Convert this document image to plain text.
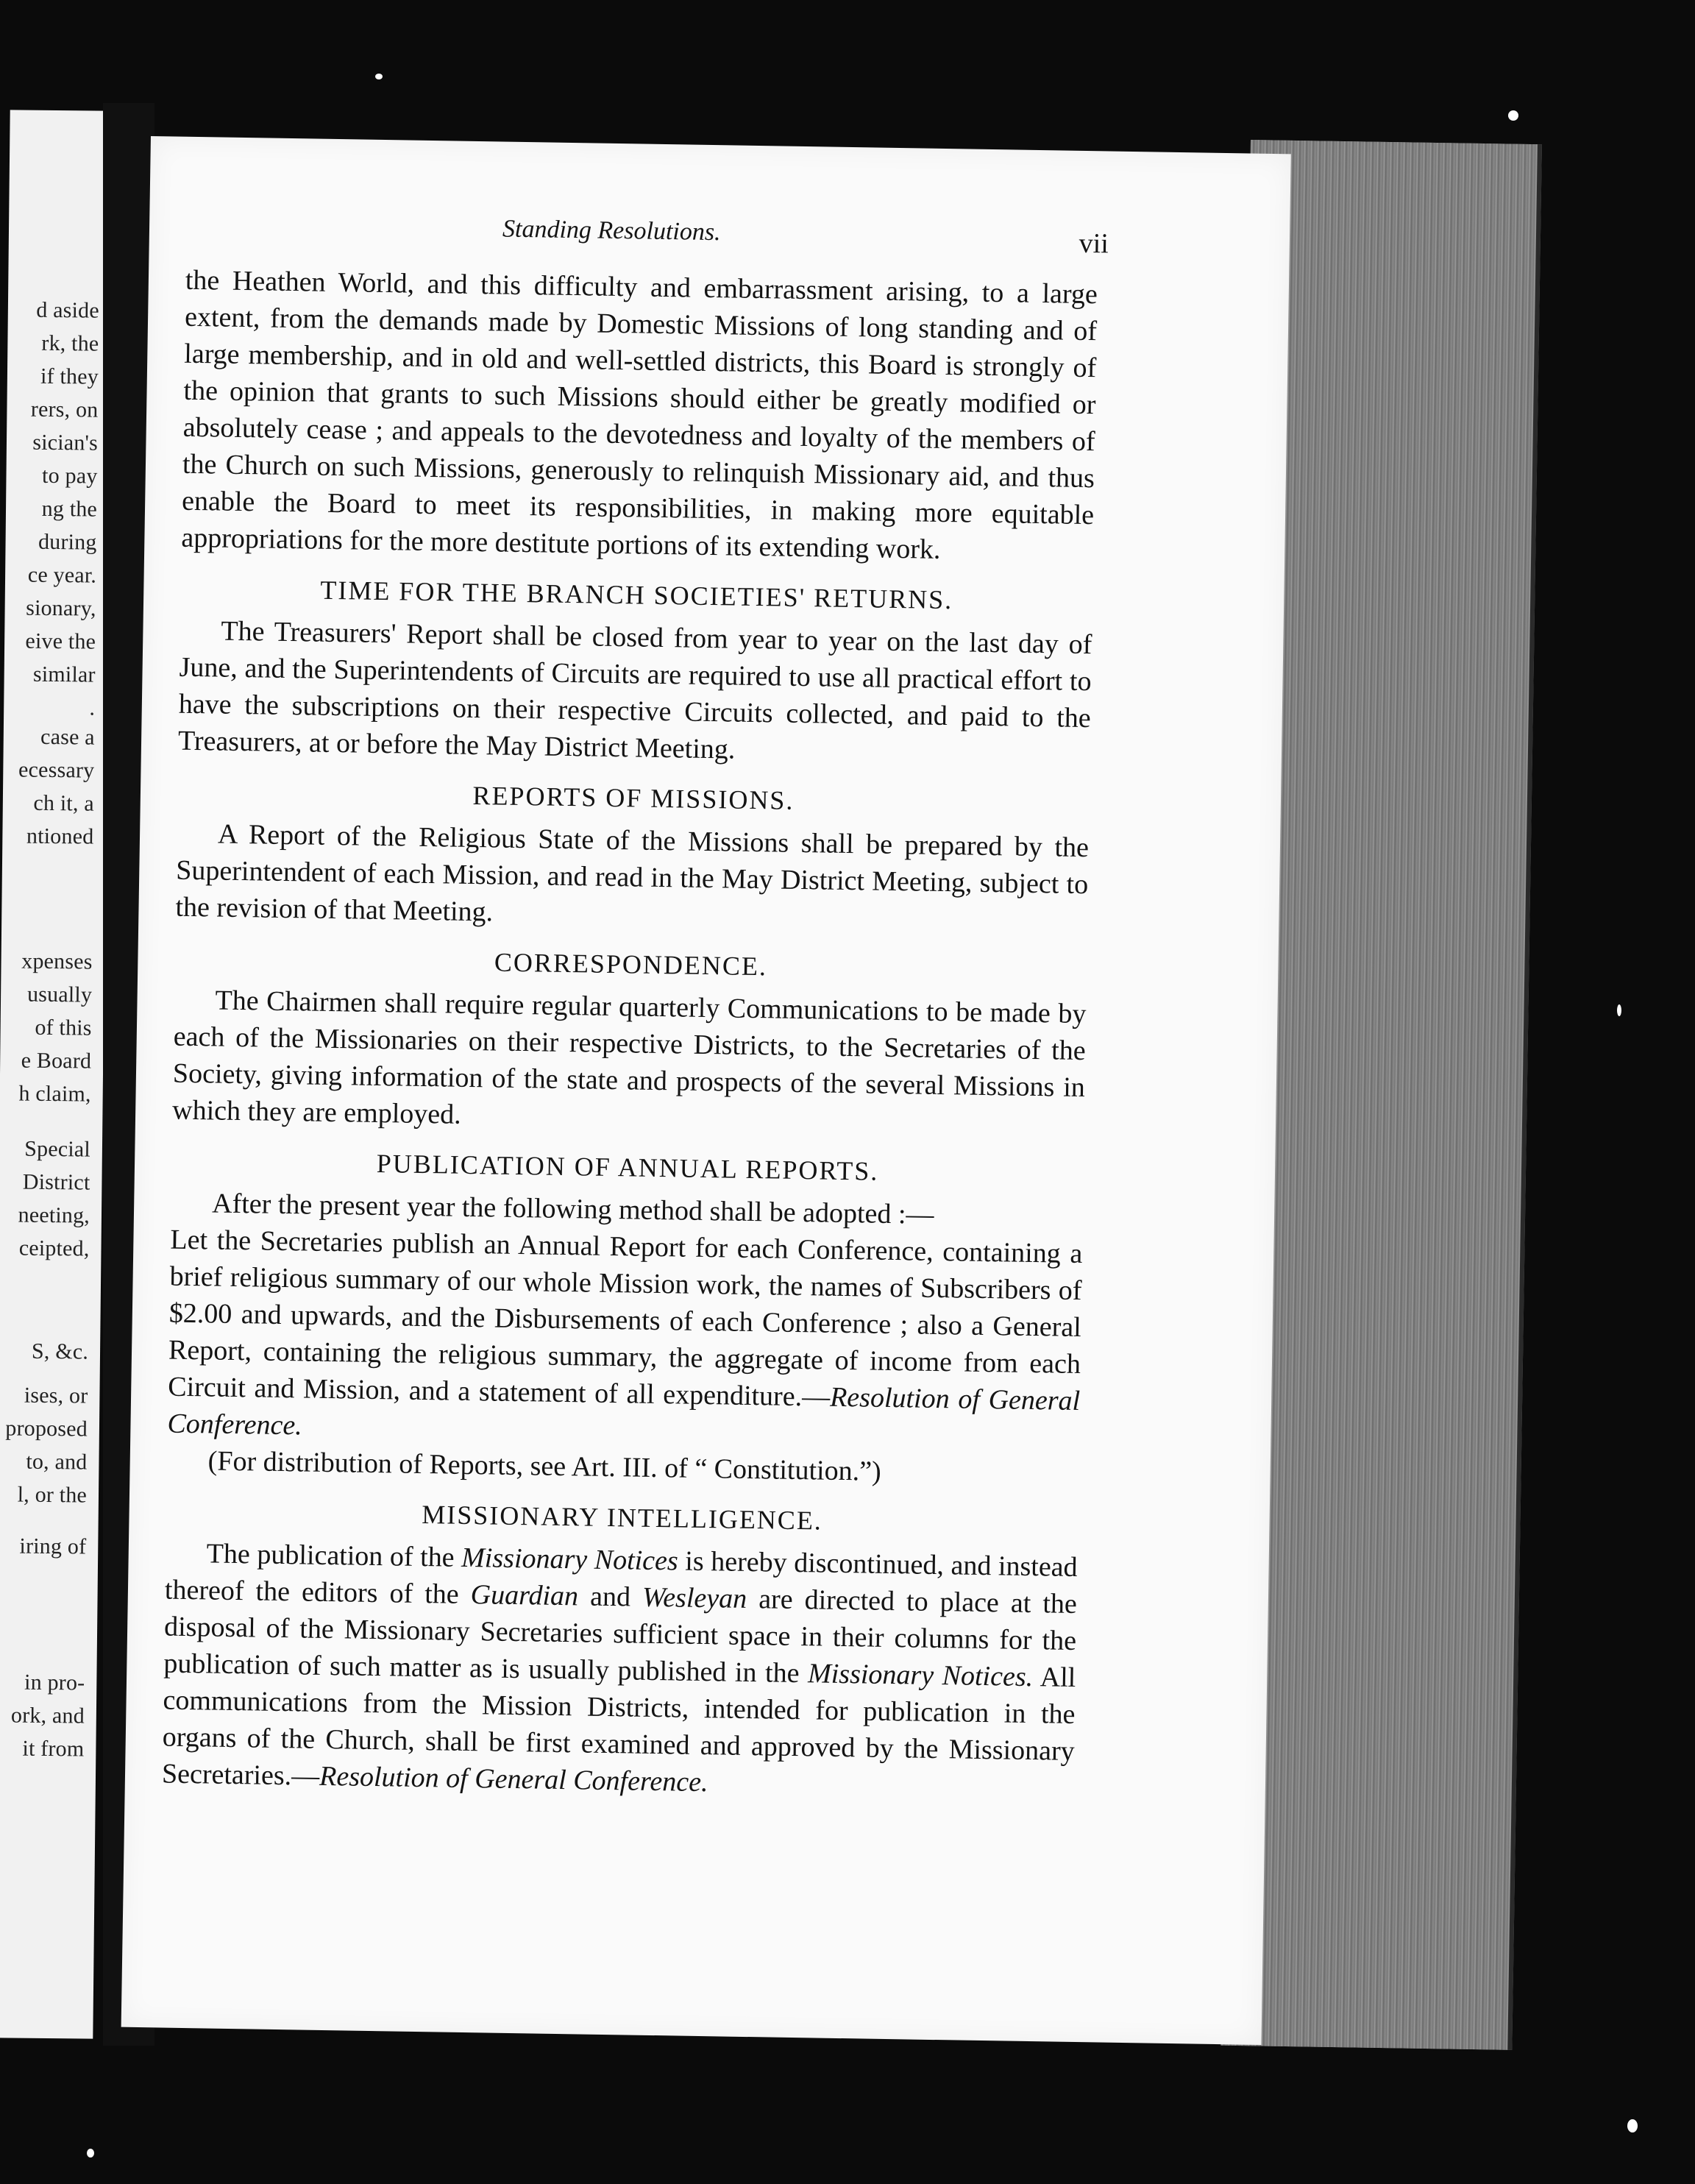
d aside
rk, the
if they
rers, on
sician's
to pay
ng the
during
ce year.
sionary,
eive the
similar
.
case a
ecessary
ch it, a
ntioned
xpenses
usually
of this
e Board
h claim,
Special
District
neeting,
ceipted,
S, &c.
ises, or
proposed
to, and
l, or the
iring of
in pro-
ork, and
it from
Standing Resolutions.	vii

the Heathen World, and this difficulty and embarrassment arising, to a large extent, from the demands made by Domestic Missions of long standing and of large membership, and in old and well-settled districts, this Board is strongly of the opinion that grants to such Missions should either be greatly modified or absolutely cease ; and appeals to the devotedness and loyalty of the members of the Church on such Missions, generously to relinquish Missionary aid, and thus enable the Board to meet its responsibilities, in making more equitable appropriations for the more destitute portions of its extending work.

TIME FOR THE BRANCH SOCIETIES' RETURNS.

The Treasurers' Report shall be closed from year to year on the last day of June, and the Superintendents of Circuits are required to use all practical effort to have the subscriptions on their respective Circuits collected, and paid to the Treasurers, at or before the May District Meeting.

REPORTS OF MISSIONS.

A Report of the Religious State of the Missions shall be prepared by the Superintendent of each Mission, and read in the May District Meeting, subject to the revision of that Meeting.

CORRESPONDENCE.

The Chairmen shall require regular quarterly Communications to be made by each of the Missionaries on their respective Districts, to the Secretaries of the Society, giving information of the state and prospects of the several Missions in which they are employed.

PUBLICATION OF ANNUAL REPORTS.

After the present year the following method shall be adopted :—

Let the Secretaries publish an Annual Report for each Conference, containing a brief religious summary of our whole Mission work, the names of Subscribers of $2.00 and upwards, and the Disbursements of each Conference ; also a General Report, containing the religious summary, the aggregate of income from each Circuit and Mission, and a statement of all expenditure.—Resolution of General Conference.

(For distribution of Reports, see Art. III. of “ Constitution.”)

MISSIONARY INTELLIGENCE.

The publication of the Missionary Notices is hereby discontinued, and instead thereof the editors of the Guardian and Wesleyan are directed to place at the disposal of the Missionary Secretaries sufficient space in their columns for the publication of such matter as is usually published in the Missionary Notices. All communications from the Mission Districts, intended for publication in the organs of the Church, shall be first examined and approved by the Missionary Secretaries.—Resolution of General Conference.
